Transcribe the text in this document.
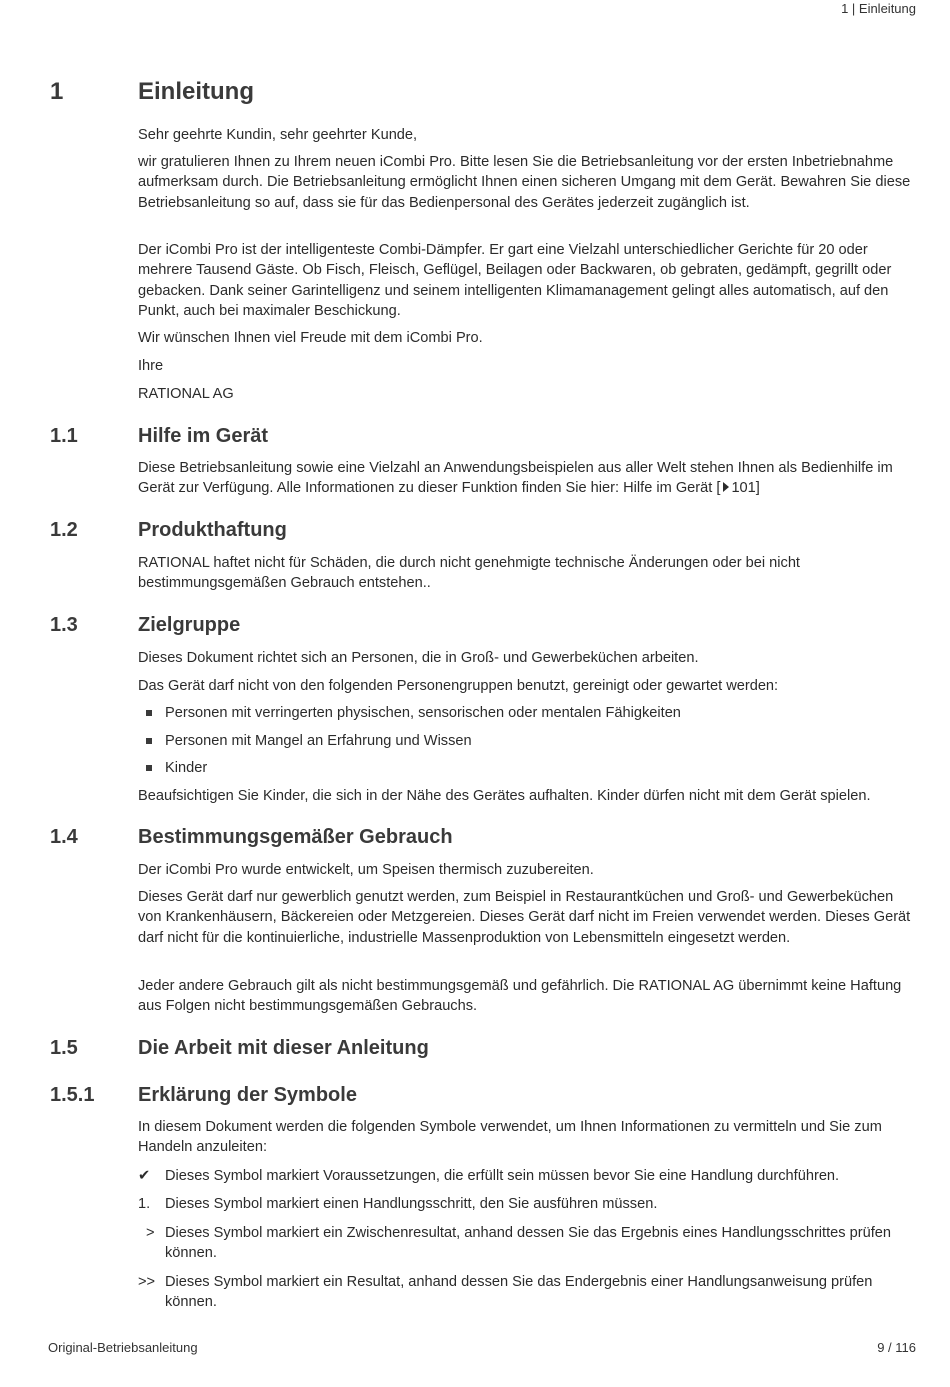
1 | Einleitung
1	Einleitung
Sehr geehrte Kundin, sehr geehrter Kunde,
wir gratulieren Ihnen zu Ihrem neuen iCombi Pro. Bitte lesen Sie die Betriebsanleitung vor der ersten Inbetriebnahme aufmerksam durch. Die Betriebsanleitung ermöglicht Ihnen einen sicheren Umgang mit dem Gerät. Bewahren Sie diese Betriebsanleitung so auf, dass sie für das Bedienpersonal des Gerätes jederzeit zugänglich ist.
Der iCombi Pro ist der intelligenteste Combi-Dämpfer. Er gart eine Vielzahl unterschiedlicher Gerichte für 20 oder mehrere Tausend Gäste. Ob Fisch, Fleisch, Geflügel, Beilagen oder Backwaren, ob gebraten, gedämpft, gegrillt oder gebacken. Dank seiner Garintelligenz und seinem intelligenten Klimamanagement gelingt alles automatisch, auf den Punkt, auch bei maximaler Beschickung.
Wir wünschen Ihnen viel Freude mit dem iCombi Pro.
Ihre
RATIONAL AG
1.1	Hilfe im Gerät
Diese Betriebsanleitung sowie eine Vielzahl an Anwendungsbeispielen aus aller Welt stehen Ihnen als Bedienhilfe im Gerät zur Verfügung. Alle Informationen zu dieser Funktion finden Sie hier: Hilfe im Gerät [ 101]
1.2	Produkthaftung
RATIONAL haftet nicht für Schäden, die durch nicht genehmigte technische Änderungen oder bei nicht bestimmungsgemäßen Gebrauch entstehen..
1.3	Zielgruppe
Dieses Dokument richtet sich an Personen, die in Groß- und Gewerbeküchen arbeiten.
Das Gerät darf nicht von den folgenden Personengruppen benutzt, gereinigt oder gewartet werden:
Personen mit verringerten physischen, sensorischen oder mentalen Fähigkeiten
Personen mit Mangel an Erfahrung und Wissen
Kinder
Beaufsichtigen Sie Kinder, die sich in der Nähe des Gerätes aufhalten. Kinder dürfen nicht mit dem Gerät spielen.
1.4	Bestimmungsgemäßer Gebrauch
Der iCombi Pro wurde entwickelt, um Speisen thermisch zuzubereiten.
Dieses Gerät darf nur gewerblich genutzt werden, zum Beispiel in Restaurantküchen und Groß- und Gewerbeküchen von Krankenhäusern, Bäckereien oder Metzgereien. Dieses Gerät darf nicht im Freien verwendet werden. Dieses Gerät darf nicht für die kontinuierliche, industrielle Massenproduktion von Lebensmitteln eingesetzt werden.
Jeder andere Gebrauch gilt als nicht bestimmungsgemäß und gefährlich. Die RATIONAL AG übernimmt keine Haftung aus Folgen nicht bestimmungsgemäßen Gebrauchs.
1.5	Die Arbeit mit dieser Anleitung
1.5.1 Erklärung der Symbole
In diesem Dokument werden die folgenden Symbole verwendet, um Ihnen Informationen zu vermitteln und Sie zum Handeln anzuleiten:
✔	Dieses Symbol markiert Voraussetzungen, die erfüllt sein müssen bevor Sie eine Handlung durchführen.
1.	Dieses Symbol markiert einen Handlungsschritt, den Sie ausführen müssen.
> Dieses Symbol markiert ein Zwischenresultat, anhand dessen Sie das Ergebnis eines Handlungsschrittes prüfen können.
>> Dieses Symbol markiert ein Resultat, anhand dessen Sie das Endergebnis einer Handlungsanweisung prüfen können.
Original-Betriebsanleitung	9 / 116
